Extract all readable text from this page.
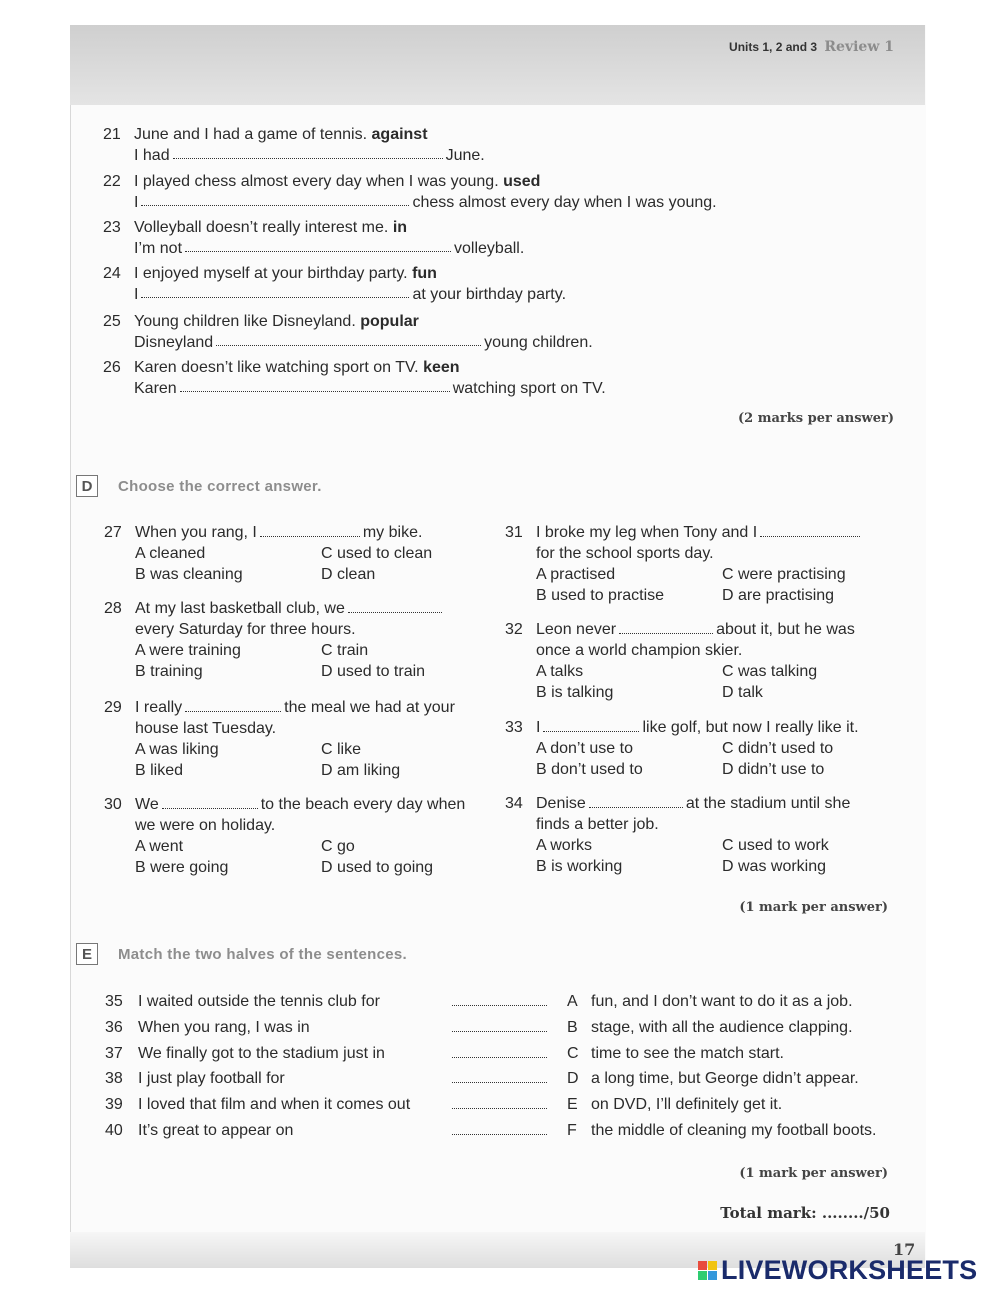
Units 1, 2 and 3 Review 1
21 June and I had a game of tennis.
against
I had	June.
22 I played chess almost every day when I was young.
used
I	chess almost every day when I was young.
23 Volleyball doesn’t really interest me.
in
I’m not	volleyball.
24 I enjoyed myself at your birthday party.
fun
I	at your birthday party.
25 Young children like Disneyland.
popular
Disneyland	young children.
26 Karen doesn’t like watching sport on TV.
keen
Karen	watching sport on TV.
(2 marks per answer)
D	Choose the correct answer.
27 When you rang, I	my bike.
A cleaned	C used to clean
B was cleaning	D clean
28 At my last basketball club, we
every Saturday for three hours.
A were training	C train
B training	D used to train
29 I really	the meal we had at your
house last Tuesday.
A was liking	C like
B liked	D am liking
30 We	to the beach every day when
we were on holiday.
A went	C go
B were going	D used to going
31 I broke my leg when Tony and I
for the school sports day.
A practised	C were practising
B used to practise	D are practising
32 Leon never	about it, but he was
once a world champion skier.
A talks	C was talking
B is talking	D talk
33 I	like golf, but now I really like it.
A don’t use to	C didn’t used to
B don’t used to	D didn’t use to
34 Denise	at the stadium until she
finds a better job.
A works	C used to work
B is working	D was working
(1 mark per answer)
E	Match the two halves of the sentences.
35 I waited outside the tennis club for	A fun, and I don’t want to do it as a job.
36 When you rang, I was in	B stage, with all the audience clapping.
37 We finally got to the stadium just in	C time to see the match start.
38 I just play football for	D a long time, but George didn’t appear.
39 I loved that film and when it comes out	E on DVD, I’ll definitely get it.
40 It’s great to appear on	F the middle of cleaning my football boots.
(1 mark per answer)
Total mark: ......../50
17
LIVEWORKSHEETS
